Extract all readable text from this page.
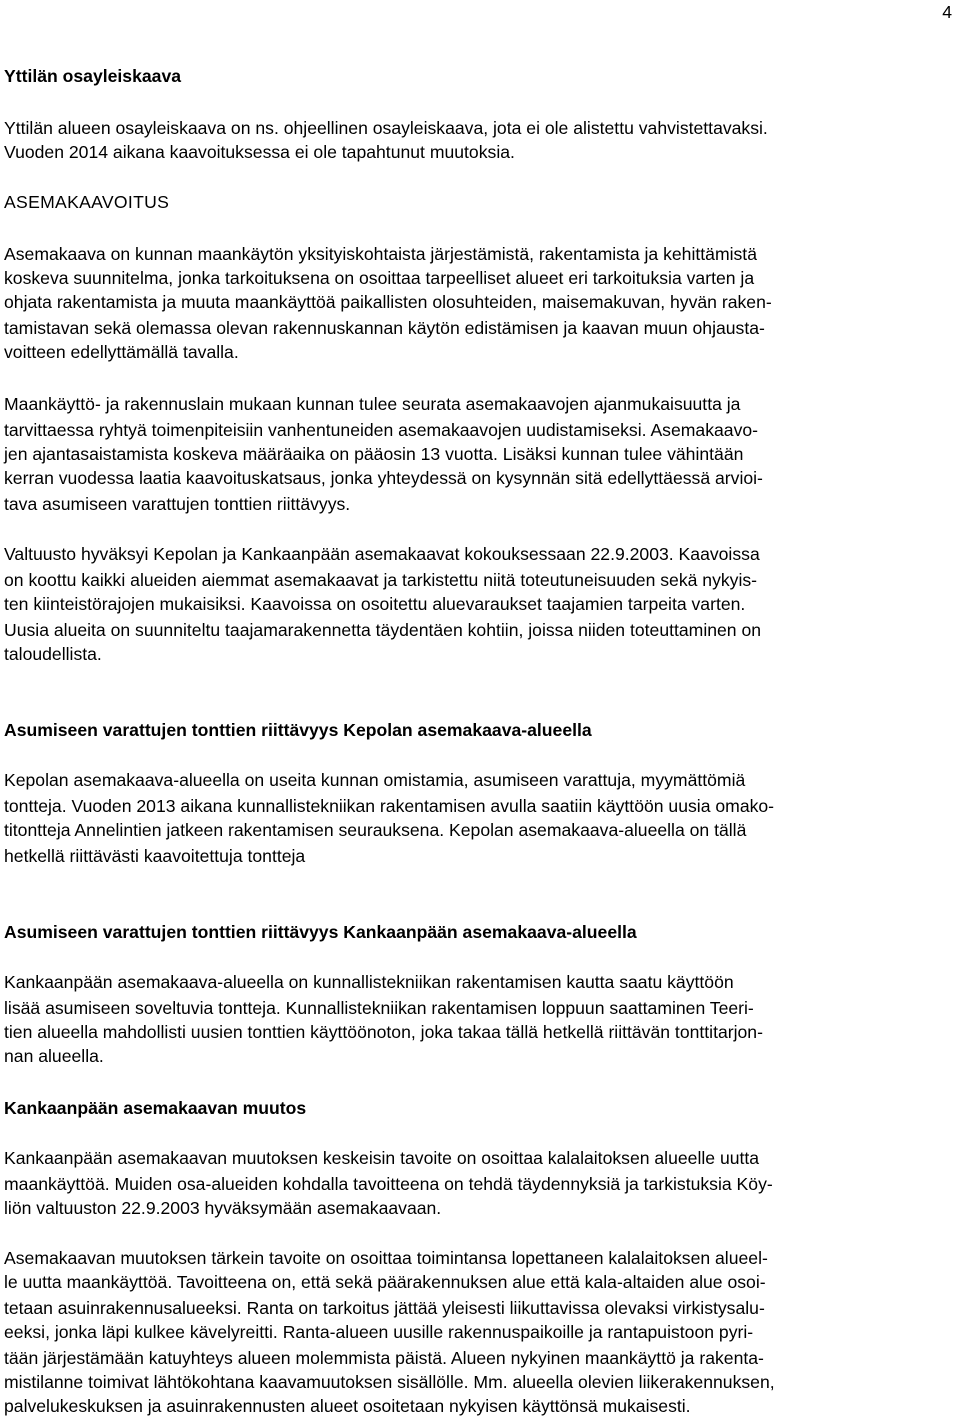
4
Yttilän osayleiskaava
Yttilän alueen osayleiskaava on ns. ohjeellinen osayleiskaava, jota ei ole alistettu vahvistettavaksi.
Vuoden 2014 aikana kaavoituksessa ei ole tapahtunut muutoksia.
ASEMAKAAVOITUS
Asemakaava on kunnan maankäytön yksityiskohtaista järjestämistä, rakentamista ja kehittämistä
koskeva suunnitelma, jonka tarkoituksena on osoittaa tarpeelliset alueet eri tarkoituksia varten ja
ohjata rakentamista ja muuta maankäyttöä paikallisten olosuhteiden, maisemakuvan, hyvän raken-
tamistavan sekä olemassa olevan rakennuskannan käytön edistämisen ja kaavan muun ohjausta-
voitteen edellyttämällä tavalla.
Maankäyttö- ja rakennuslain mukaan kunnan tulee seurata asemakaavojen ajanmukaisuutta ja
tarvittaessa ryhtyä toimenpiteisiin vanhentuneiden asemakaavojen uudistamiseksi. Asemakaavo-
jen ajantasaistamista koskeva määräaika on pääosin 13 vuotta. Lisäksi kunnan tulee vähintään
kerran vuodessa laatia kaavoituskatsaus, jonka yhteydessä on kysynnän sitä edellyttäessä arvioi-
tava asumiseen varattujen tonttien riittävyys.
Valtuusto hyväksyi Kepolan ja Kankaanpään asemakaavat kokouksessaan 22.9.2003. Kaavoissa
on koottu kaikki alueiden aiemmat asemakaavat ja tarkistettu niitä toteutuneisuuden sekä nykyis-
ten kiinteistörajojen mukaisiksi. Kaavoissa on osoitettu aluevaraukset taajamien tarpeita varten.
Uusia alueita on suunniteltu taajamarakennetta täydentäen kohtiin, joissa niiden toteuttaminen on
taloudellista.
Asumiseen varattujen tonttien riittävyys Kepolan asemakaava-alueella
Kepolan asemakaava-alueella on useita kunnan omistamia, asumiseen varattuja, myymättömiä
tontteja. Vuoden 2013 aikana kunnallistekniikan rakentamisen avulla saatiin käyttöön uusia omako-
titontteja Annelintien jatkeen rakentamisen seurauksena. Kepolan asemakaava-alueella on tällä
hetkellä riittävästi kaavoitettuja tontteja
Asumiseen varattujen tonttien riittävyys Kankaanpään asemakaava-alueella
Kankaanpään asemakaava-alueella on kunnallistekniikan rakentamisen kautta saatu käyttöön
lisää asumiseen soveltuvia tontteja. Kunnallistekniikan rakentamisen loppuun saattaminen Teeri-
tien alueella mahdollisti uusien tonttien käyttöönoton, joka takaa tällä hetkellä riittävän tonttitarjon-
nan alueella.
Kankaanpään asemakaavan muutos
Kankaanpään asemakaavan muutoksen keskeisin tavoite on osoittaa kalalaitoksen alueelle uutta
maankäyttöä. Muiden osa-alueiden kohdalla tavoitteena on tehdä täydennyksiä ja tarkistuksia Köy-
liön valtuuston 22.9.2003 hyväksymään asemakaavaan.
Asemakaavan muutoksen tärkein tavoite on osoittaa toimintansa lopettaneen kalalaitoksen alueel-
le uutta maankäyttöä. Tavoitteena on, että sekä päärakennuksen alue että kala-altaiden alue osoi-
tetaan asuinrakennusalueeksi. Ranta on tarkoitus jättää yleisesti liikuttavissa olevaksi virkistysalu-
eeksi, jonka läpi kulkee kävelyreitti. Ranta-alueen uusille rakennuspaikoille ja rantapuistoon pyri-
tään järjestämään katuyhteys alueen molemmista päistä. Alueen nykyinen maankäyttö ja rakenta-
mistilanne toimivat lähtökohtana kaavamuutoksen sisällölle. Mm. alueella olevien liikerakennuksen,
palvelukeskuksen ja asuinrakennusten alueet osoitetaan nykyisen käyttönsä mukaisesti.
